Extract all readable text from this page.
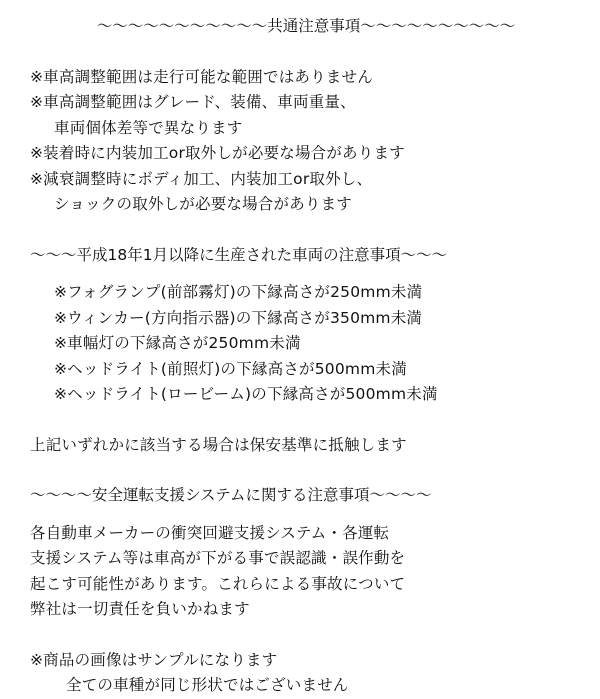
〜〜〜〜〜〜〜〜〜〜〜共通注意事項〜〜〜〜〜〜〜〜〜〜
※車高調整範囲は走行可能な範囲ではありません
※車高調整範囲はグレード、装備、車両重量、
車両個体差等で異なります
※装着時に内装加工or取外しが必要な場合があります
※減衰調整時にボディ加工、内装加工or取外し、
ショックの取外しが必要な場合があります
〜〜〜平成18年1月以降に生産された車両の注意事項〜〜〜
※フォグランプ(前部霧灯)の下縁高さが250mm未満
※ウィンカー(方向指示器)の下縁高さが350mm未満
※車幅灯の下縁高さが250mm未満
※ヘッドライト(前照灯)の下縁高さが500mm未満
※ヘッドライト(ロービーム)の下縁高さが500mm未満
上記いずれかに該当する場合は保安基準に抵触します
〜〜〜〜安全運転支援システムに関する注意事項〜〜〜〜
各自動車メーカーの衝突回避支援システム・各運転
支援システム等は車高が下がる事で誤認識・誤作動を
起こす可能性があります。これらによる事故について
弊社は一切責任を負いかねます
※商品の画像はサンプルになります
全ての車種が同じ形状ではございません
